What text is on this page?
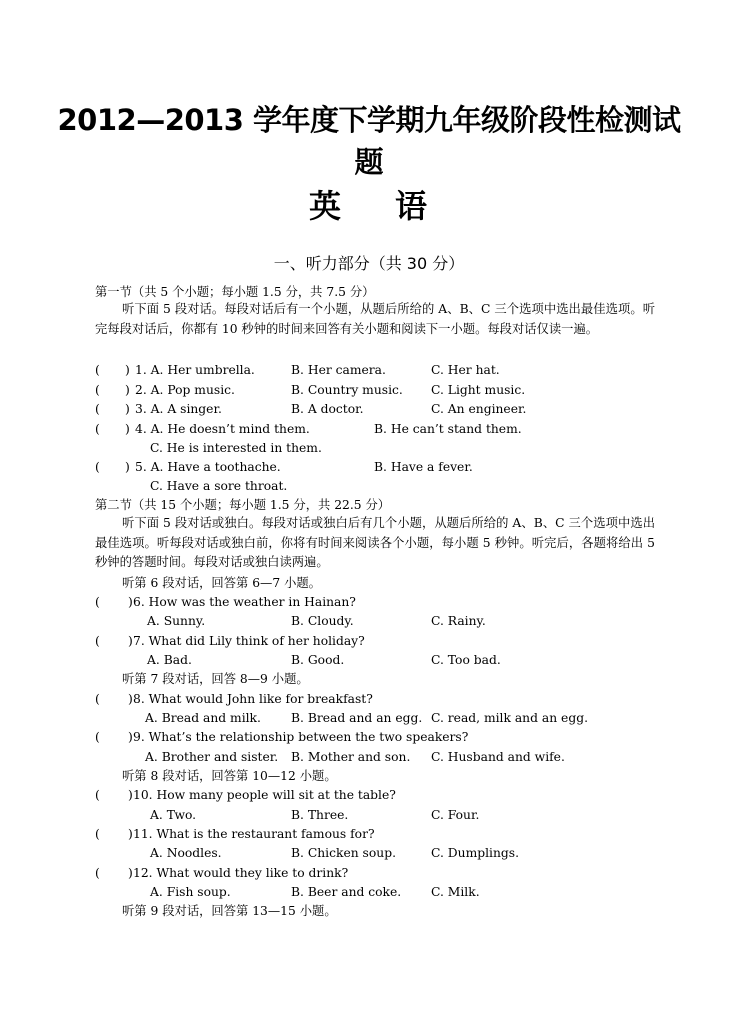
2012—2013 学年度下学期九年级阶段性检测试
题
英 语
一、听力部分（共 30 分）
第一节（共 5 个小题；每小题 1.5 分，共 7.5 分）
听下面 5 段对话。每段对话后有一个小题，从题后所给的 A、B、C 三个选项中选出最佳选项。听完每段对话后，你都有 10 秒钟的时间来回答有关小题和阅读下一小题。每段对话仅读一遍。
( ) 1. A. Her umbrella.	B. Her camera.	C. Her hat.
( ) 2. A. Pop music.	B. Country music. C. Light music.
( ) 3. A. A singer.	B. A doctor.	C. An engineer.
( ) 4. A. He doesn’t mind them.	B. He can’t stand them.
C. He is interested in them.
( ) 5. A. Have a toothache.	B. Have a fever.
C. Have a sore throat.
第二节（共 15 个小题；每小题 1.5 分，共 22.5 分）
听下面 5 段对话或独白。每段对话或独白后有几个小题，从题后所给的 A、B、C 三个选项中选出最佳选项。听每段对话或独白前，你将有时间来阅读各个小题，每小题 5 秒钟。听完后，各题将给出 5 秒钟的答题时间。每段对话或独白读两遍。
听第 6 段对话，回答第 6—7 小题。
( ) 6. How was the weather in Hainan?
A. Sunny.	B. Cloudy.	C. Rainy.
( ) 7. What did Lily think of her holiday?
A. Bad.	B. Good.	C. Too bad.
听第 7 段对话，回答 8—9 小题。
( ) 8. What would John like for breakfast?
A. Bread and milk. B. Bread and an egg. C. read, milk and an egg.
( ) 9. What’s the relationship between the two speakers?
A. Brother and sister. B. Mother and son. C. Husband and wife.
听第 8 段对话，回答第 10—12 小题。
( ) 10. How many people will sit at the table?
A. Two.	B. Three.	C. Four.
( ) 11. What is the restaurant famous for?
A. Noodles.	B. Chicken soup.	C. Dumplings.
( ) 12. What would they like to drink?
A. Fish soup.	B. Beer and coke. C. Milk.
听第 9 段对话，回答第 13—15 小题。
